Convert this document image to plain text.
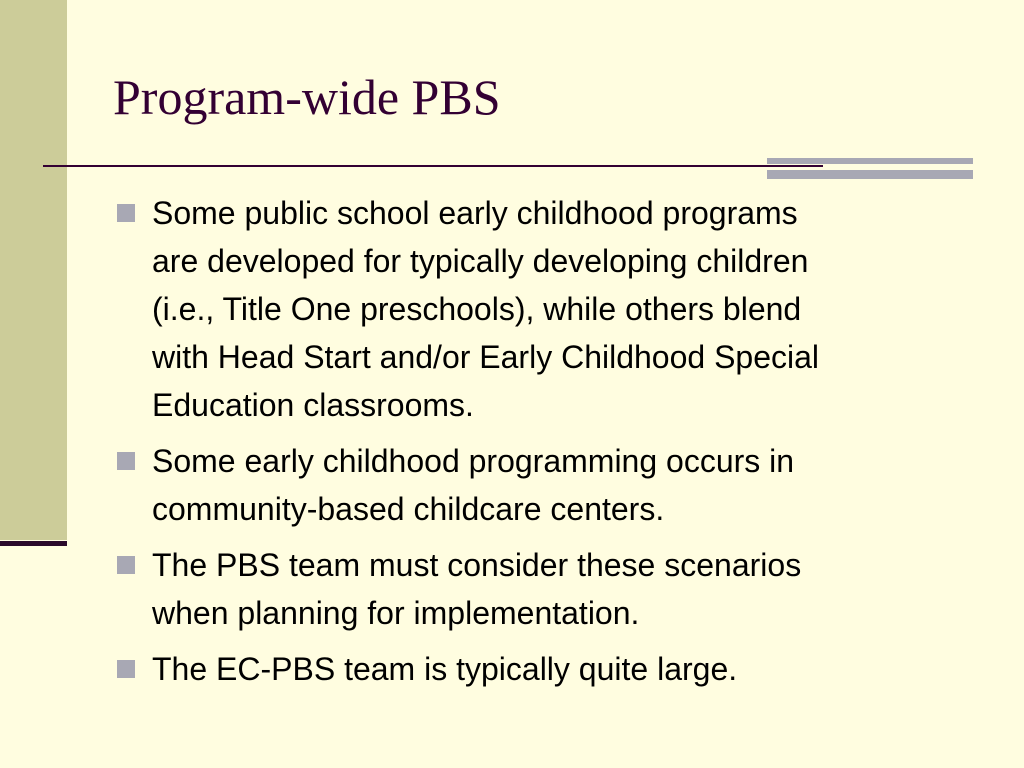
Program-wide PBS
Some public school early childhood programs
are developed for typically developing children
(i.e., Title One preschools), while others blend
with Head Start and/or Early Childhood Special
Education classrooms.
Some early childhood programming occurs in
community-based childcare centers.
The PBS team must consider these scenarios
when planning for implementation.
The EC-PBS team is typically quite large.
